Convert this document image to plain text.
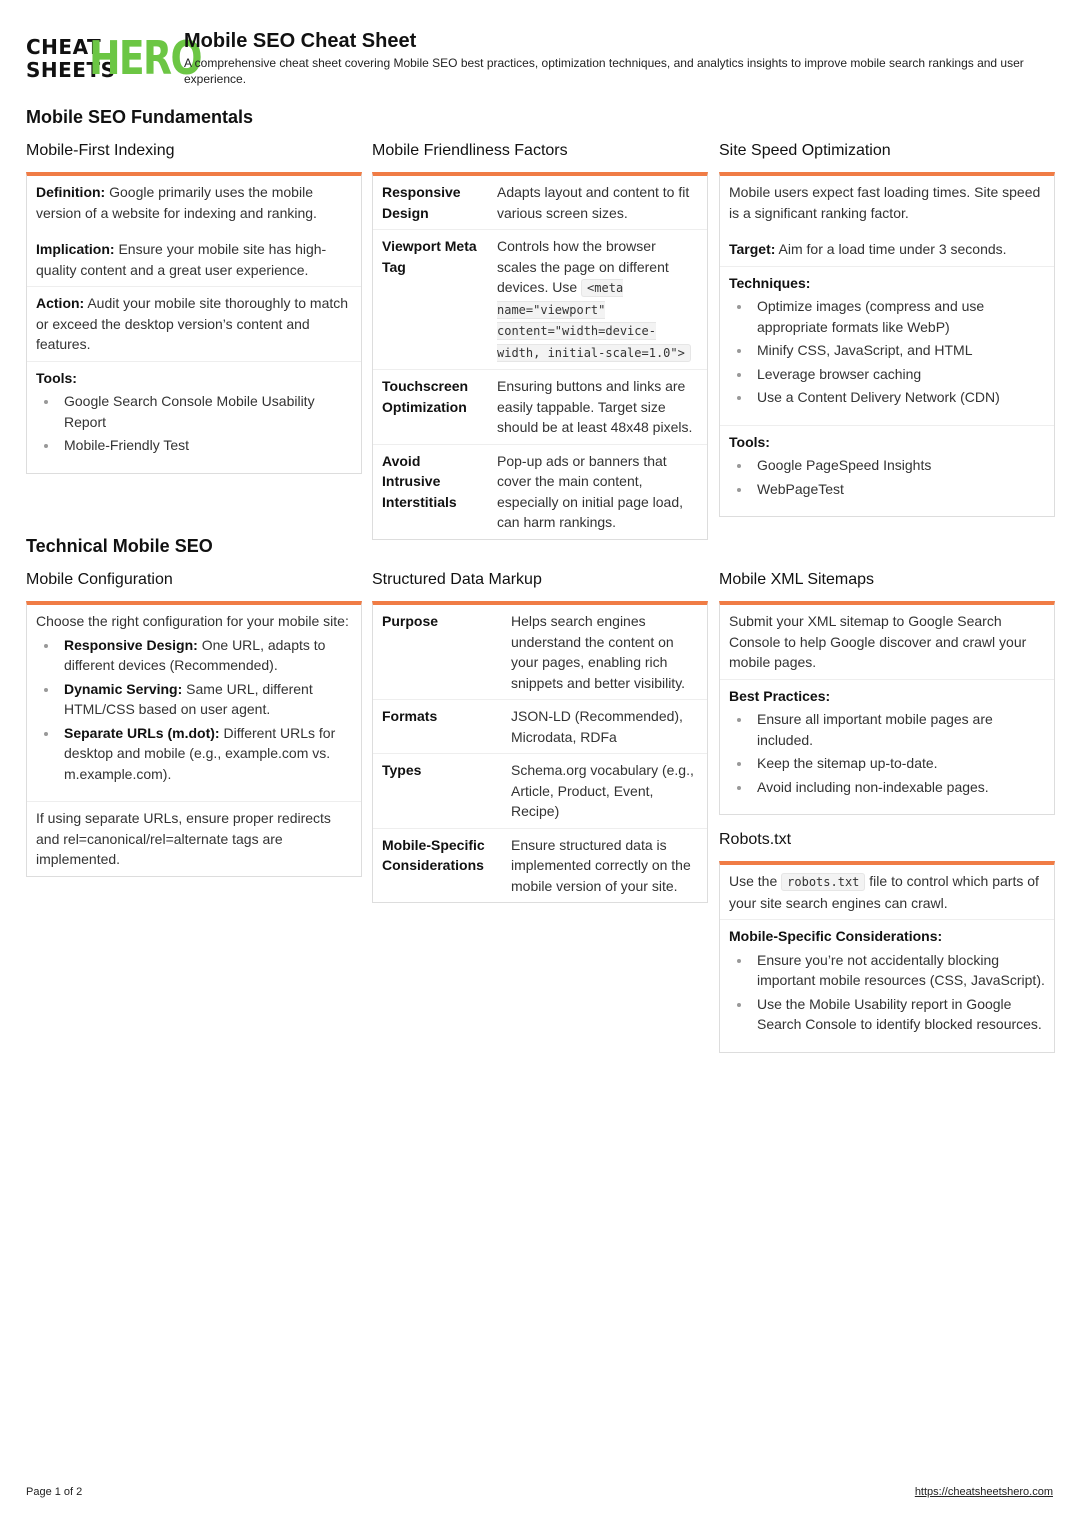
CHEAT
SHEETS
HERO
Mobile SEO Cheat Sheet
A comprehensive cheat sheet covering Mobile SEO best practices, optimization techniques, and analytics insights to improve mobile search rankings and user experience.
Mobile SEO Fundamentals
Mobile-First Indexing

Definition: Google primarily uses the mobile version of a website for indexing and ranking.

Implication: Ensure your mobile site has high-quality content and a great user experience.

Action: Audit your mobile site thoroughly to match or exceed the desktop version’s content and features.

Tools:
Google Search Console Mobile Usability Report
Mobile-Friendly Test
Mobile Friendliness Factors
Responsive Design	Adapts layout and content to fit various screen sizes.
Viewport Meta Tag	Controls how the browser scales the page on different devices. Use <meta name="viewport" content="width=device-width, initial-scale=1.0">
Touchscreen Optimization	Ensuring buttons and links are easily tappable. Target size should be at least 48x48 pixels.
Avoid Intrusive Interstitials	Pop-up ads or banners that cover the main content, especially on initial page load, can harm rankings.
Site Speed Optimization

Mobile users expect fast loading times. Site speed is a significant ranking factor.

Target: Aim for a load time under 3 seconds.

Techniques:
Optimize images (compress and use appropriate formats like WebP)
Minify CSS, JavaScript, and HTML
Leverage browser caching
Use a Content Delivery Network (CDN)
Tools:
Google PageSpeed Insights
WebPageTest
Technical Mobile SEO
Mobile Configuration

Choose the right configuration for your mobile site:

Responsive Design: One URL, adapts to different devices (Recommended).
Dynamic Serving: Same URL, different HTML/CSS based on user agent.
Separate URLs (m.dot): Different URLs for desktop and mobile (e.g., example.com vs. m.example.com).

If using separate URLs, ensure proper redirects and rel=canonical/rel=alternate tags are implemented.

Structured Data Markup
Purpose	Helps search engines understand the content on your pages, enabling rich snippets and better visibility.
Formats	JSON-LD (Recommended), Microdata, RDFa
Types	Schema.org vocabulary (e.g., Article, Product, Event, Recipe)
Mobile-Specific Considerations	Ensure structured data is implemented correctly on the mobile version of your site.
Mobile XML Sitemaps

Submit your XML sitemap to Google Search Console to help Google discover and crawl your mobile pages.

Best Practices:
Ensure all important mobile pages are included.
Keep the sitemap up-to-date.
Avoid including non-indexable pages.
Robots.txt

Use the robots.txt file to control which parts of your site search engines can crawl.

Mobile-Specific Considerations:
Ensure you’re not accidentally blocking important mobile resources (CSS, JavaScript).
Use the Mobile Usability report in Google Search Console to identify blocked resources.
Page 1 of 2	https://cheatsheetshero.com
